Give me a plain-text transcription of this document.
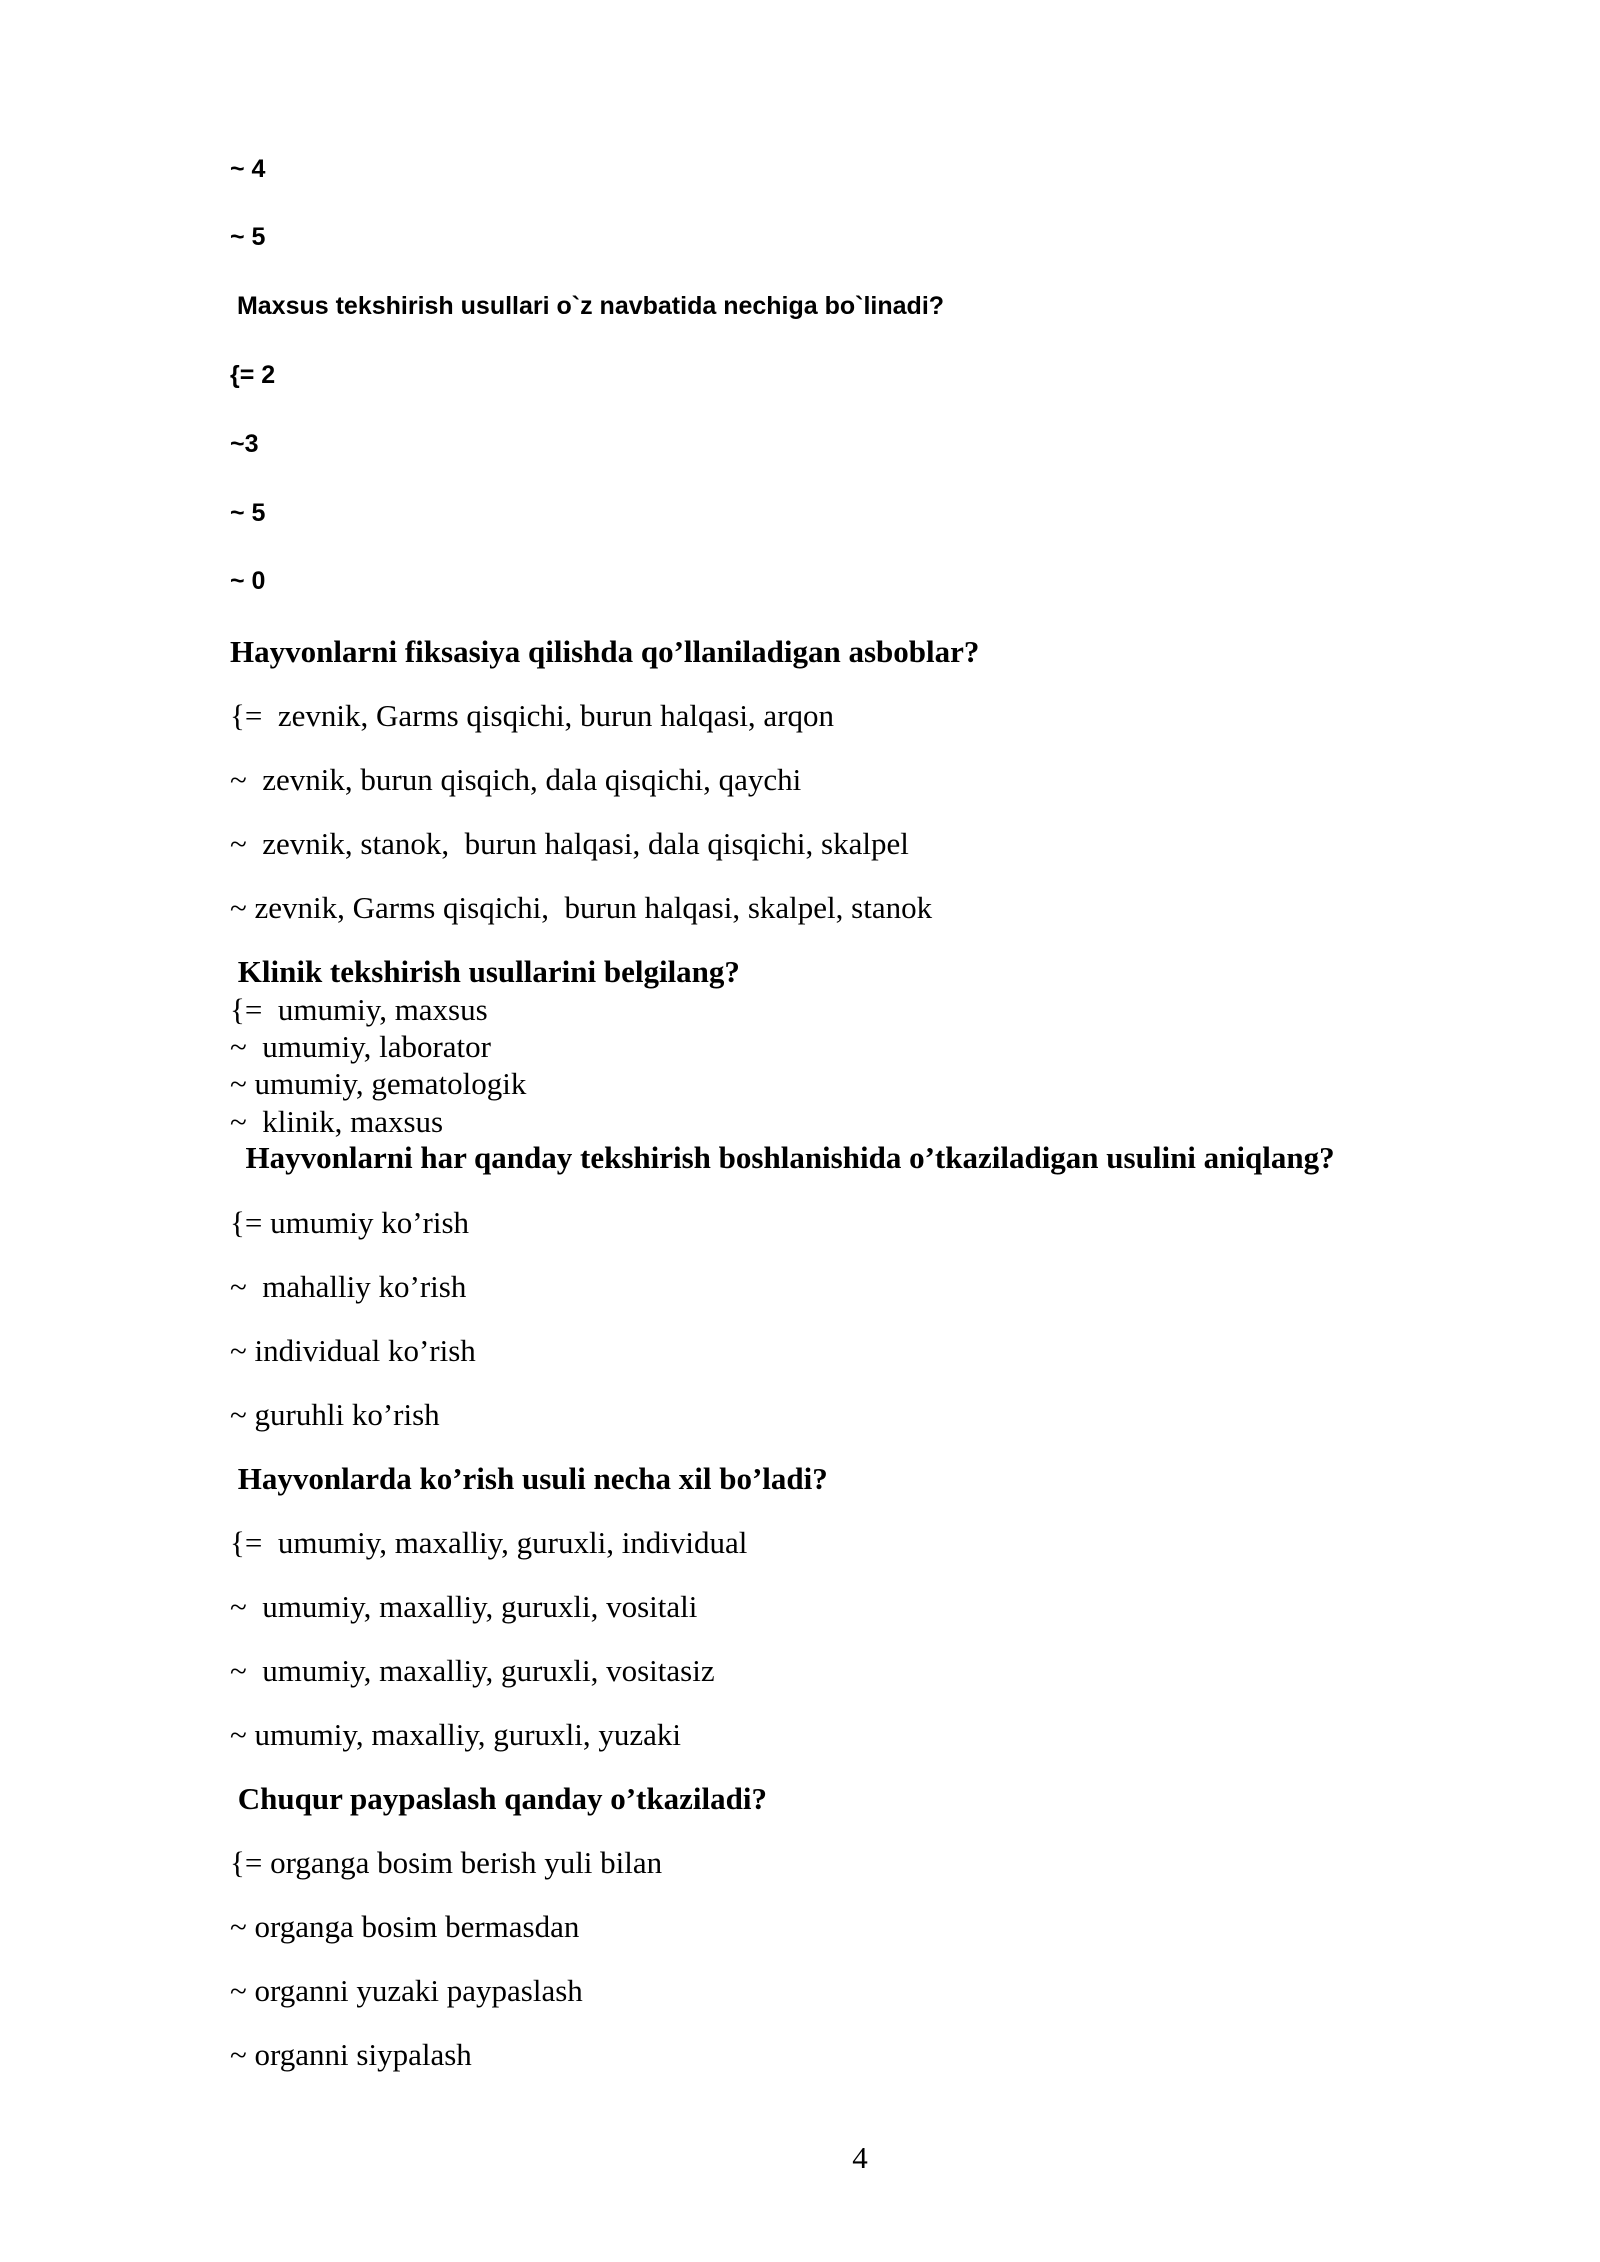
~ 4
~ 5
Maxsus tekshirish usullari o`z navbatida nechiga bo`linadi?
{= 2
~3
~ 5
~ 0
Hayvonlarni fiksasiya qilishda qo’llaniladigan asboblar?
{=  zevnik, Garms qisqichi, burun halqasi, arqon
~  zevnik, burun qisqich, dala qisqichi, qaychi
~  zevnik, stanok,  burun halqasi, dala qisqichi, skalpel
~ zevnik, Garms qisqichi,  burun halqasi, skalpel, stanok
Klinik tekshirish usullarini belgilang?
{=  umumiy, maxsus
~  umumiy, laborator
~ umumiy, gematologik
~  klinik, maxsus
Hayvonlarni har qanday tekshirish boshlanishida o’tkaziladigan usulini aniqlang?
{= umumiy ko’rish
~  mahalliy ko’rish
~ individual ko’rish
~ guruhli ko’rish
Hayvonlarda ko’rish usuli necha xil bo’ladi?
{=  umumiy, maxalliy, guruxli, individual
~  umumiy, maxalliy, guruxli, vositali
~  umumiy, maxalliy, guruxli, vositasiz
~ umumiy, maxalliy, guruxli, yuzaki
Chuqur paypaslash qanday o’tkaziladi?
{= organga bosim berish yuli bilan
~ organga bosim bermasdan
~ organni yuzaki paypaslash
~ organni siypalash
4
